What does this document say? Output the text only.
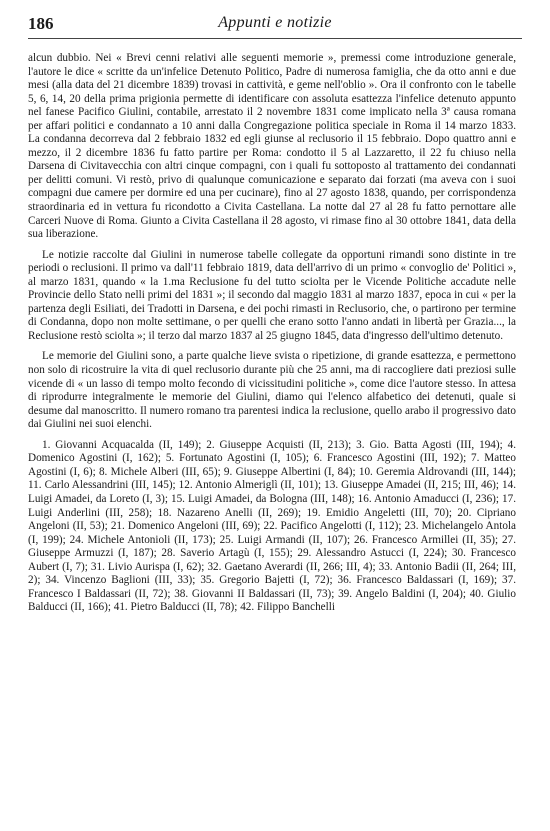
186	Appunti e notizie

alcun dubbio. Nei « Brevi cenni relativi alle seguenti memorie », premessi come introduzione generale, l'autore le dice « scritte da un'infelice Detenuto Politico, Padre di numerosa famiglia, che da otto anni e due mesi (alla data del 21 dicembre 1839) trovasi in cattività, e geme nell'oblio ». Ora il confronto con le tabelle 5, 6, 14, 20 della prima prigionia permette di identificare con assoluta esattezza l'infelice detenuto appunto nel fanese Pacifico Giulini, contabile, arrestato il 2 novembre 1831 come implicato nella 3ª causa romana per affari politici e condannato a 10 anni dalla Congregazione politica speciale in Roma il 14 marzo 1833. La condanna decorreva dal 2 febbraio 1832 ed egli giunse al reclusorio il 15 febbraio. Dopo quattro anni e mezzo, il 2 dicembre 1836 fu fatto partire per Roma: condotto il 5 al Lazzaretto, il 22 fu chiuso nella Darsena di Civitavecchia con altri cinque compagni, con i quali fu sottoposto al trattamento dei condannati per delitti comuni. Vi restò, privo di qualunque comunicazione e separato dai forzati (ma aveva con i suoi compagni due camere per dormire ed una per cucinare), fino al 27 agosto 1838, quando, per corrispondenza straordinaria ed in vettura fu ricondotto a Civita Castellana. La notte dal 27 al 28 fu fatto pernottare alle Carceri Nuove di Roma. Giunto a Civita Castellana il 28 agosto, vi rimase fino al 30 ottobre 1841, data della sua liberazione.

Le notizie raccolte dal Giulini in numerose tabelle collegate da opportuni rimandi sono distinte in tre periodi o reclusioni. Il primo va dall'11 febbraio 1819, data dell'arrivo di un primo « convoglio de' Politici », al marzo 1831, quando « la 1.ma Reclusione fu del tutto sciolta per le Vicende Politiche accadute nelle Provincie dello Stato nelli primi del 1831 »; il secondo dal maggio 1831 al marzo 1837, epoca in cui « per la partenza degli Esiliati, dei Tradotti in Darsena, e dei pochi rimasti in Reclusorio, che, o partirono per termine di Condanna, dopo non molte settimane, o per quelli che erano sotto l'anno andati in libertà per Grazia..., la Reclusione restò sciolta »; il terzo dal marzo 1837 al 25 giugno 1845, data d'ingresso dell'ultimo detenuto.

Le memorie del Giulini sono, a parte qualche lieve svista o ripetizione, di grande esattezza, e permettono non solo di ricostruire la vita di quel reclusorio durante più che 25 anni, ma di raccogliere dati preziosi sulle vicende di « un lasso di tempo molto fecondo di vicissitudini politiche », come dice l'autore stesso. In attesa di riprodurre integralmente le memorie del Giulini, diamo qui l'elenco alfabetico dei detenuti, quale si desume dal manoscritto. Il numero romano tra parentesi indica la reclusione, quello arabo il progressivo dato dai Giulini nei suoi elenchi.

1. Giovanni Acquacalda (II, 149); 2. Giuseppe Acquisti (II, 213); 3. Gio. Batta Agosti (III, 194); 4. Domenico Agostini (I, 162); 5. Fortunato Agostini (I, 105); 6. Francesco Agostini (III, 192); 7. Matteo Agostini (I, 6); 8. Michele Alberi (III, 65); 9. Giuseppe Albertini (I, 84); 10. Geremia Aldrovandi (III, 144); 11. Carlo Alessandrini (III, 145); 12. Antonio Almeriglì (II, 101); 13. Giuseppe Amadei (II, 215; III, 46); 14. Luigi Amadei, da Loreto (I, 3); 15. Luigi Amadei, da Bologna (III, 148); 16. Antonio Amaducci (I, 236); 17. Luigi Anderlini (III, 258); 18. Nazareno Anelli (II, 269); 19. Emidio Angeletti (III, 70); 20. Cipriano Angeloni (II, 53); 21. Domenico Angeloni (III, 69); 22. Pacifico Angelotti (I, 112); 23. Michelangelo Antola (I, 199); 24. Michele Antonioli (II, 173); 25. Luigi Armandi (II, 107); 26. Francesco Armillei (II, 35); 27. Giuseppe Armuzzi (I, 187); 28. Saverio Artagù (I, 155); 29. Alessandro Astucci (I, 224); 30. Francesco Aubert (I, 7); 31. Livio Aurispa (I, 62); 32. Gaetano Averardi (II, 266; III, 4); 33. Antonio Badii (II, 264; III, 2); 34. Vincenzo Baglioni (III, 33); 35. Gregorio Bajetti (I, 72); 36. Francesco Baldassari (I, 169); 37. Francesco I Baldassari (II, 72); 38. Giovanni II Baldassari (II, 73); 39. Angelo Baldini (I, 204); 40. Giulio Balducci (II, 166); 41. Pietro Balducci (II, 78); 42. Filippo Banchelli
